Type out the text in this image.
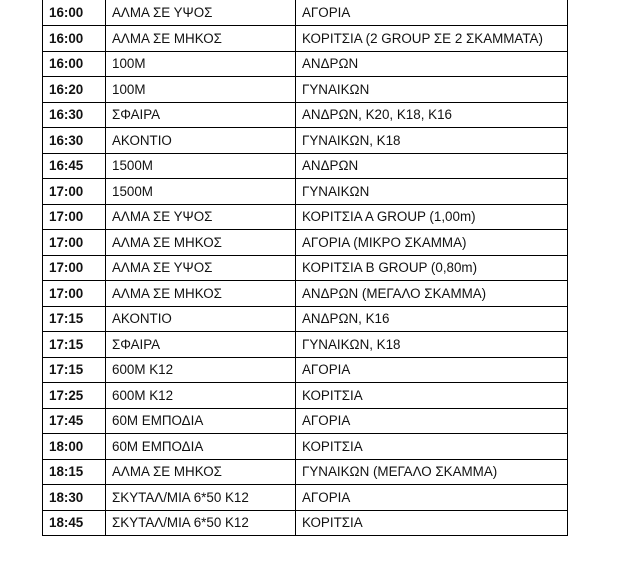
16:00	ΑΛΜΑ ΣΕ ΥΨΟΣ	ΑΓΟΡΙΑ
16:00	ΑΛΜΑ ΣΕ ΜΗΚΟΣ	ΚΟΡΙΤΣΙΑ (2 GROUP ΣΕ 2 ΣΚΑΜΜΑΤΑ)
16:00	100Μ	ΑΝΔΡΩΝ
16:20	100Μ	ΓΥΝΑΙΚΩΝ
16:30	ΣΦΑΙΡΑ	ΑΝΔΡΩΝ, Κ20, Κ18, Κ16
16:30	ΑΚΟΝΤΙΟ	ΓΥΝΑΙΚΩΝ, Κ18
16:45	1500Μ	ΑΝΔΡΩΝ
17:00	1500Μ	ΓΥΝΑΙΚΩΝ
17:00	ΑΛΜΑ ΣΕ ΥΨΟΣ	ΚΟΡΙΤΣΙΑ Α GROUP (1,00m)
17:00	ΑΛΜΑ ΣΕ ΜΗΚΟΣ	ΑΓΟΡΙΑ (ΜΙΚΡΟ ΣΚΑΜΜΑ)
17:00	ΑΛΜΑ ΣΕ ΥΨΟΣ	ΚΟΡΙΤΣΙΑ Β GROUP (0,80m)
17:00	ΑΛΜΑ ΣΕ ΜΗΚΟΣ	ΑΝΔΡΩΝ (ΜΕΓΑΛΟ ΣΚΑΜΜΑ)
17:15	ΑΚΟΝΤΙΟ	ΑΝΔΡΩΝ, Κ16
17:15	ΣΦΑΙΡΑ	ΓΥΝΑΙΚΩΝ, Κ18
17:15	600Μ Κ12	ΑΓΟΡΙΑ
17:25	600Μ Κ12	ΚΟΡΙΤΣΙΑ
17:45	60Μ ΕΜΠΟΔΙΑ	ΑΓΟΡΙΑ
18:00	60Μ ΕΜΠΟΔΙΑ	ΚΟΡΙΤΣΙΑ
18:15	ΑΛΜΑ ΣΕ ΜΗΚΟΣ	ΓΥΝΑΙΚΩΝ (ΜΕΓΑΛΟ ΣΚΑΜΜΑ)
18:30	ΣΚΥΤΑΛ/ΜΙΑ 6*50 Κ12	ΑΓΟΡΙΑ
18:45	ΣΚΥΤΑΛ/ΜΙΑ 6*50 Κ12	ΚΟΡΙΤΣΙΑ
